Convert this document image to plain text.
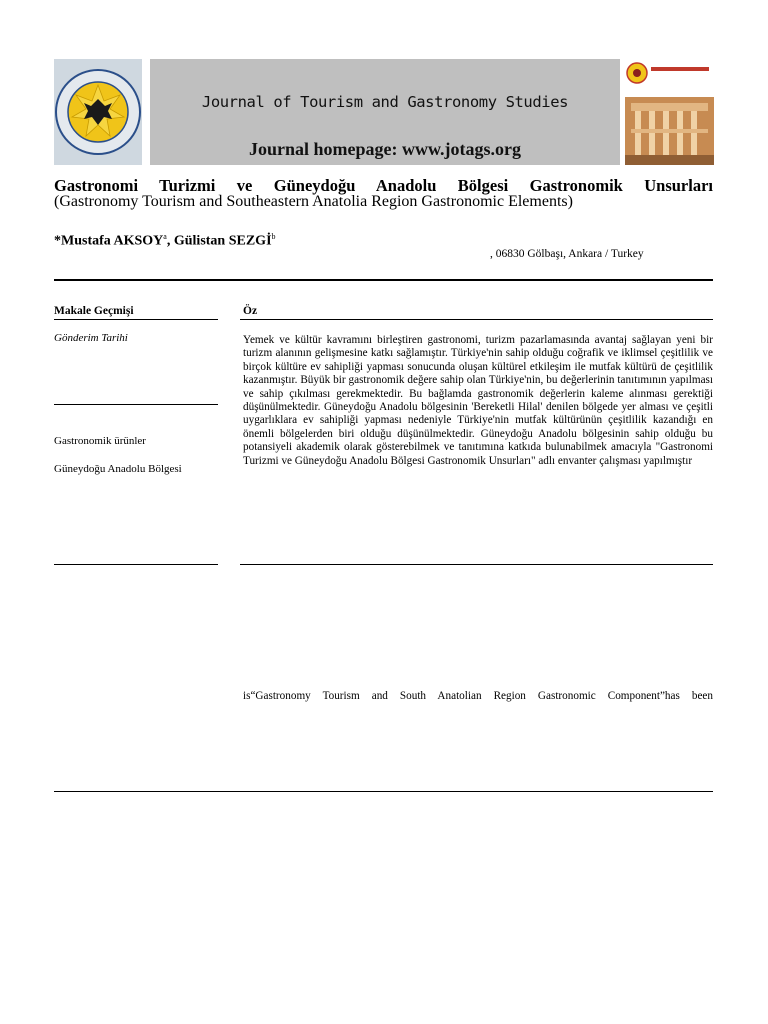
Journal of Tourism and Gastronomy Studies
Journal homepage: www.jotags.org
Gastronomi Turizmi ve Güneydoğu Anadolu Bölgesi Gastronomik Unsurları
(Gastronomy Tourism and Southeastern Anatolia Region Gastronomic Elements)
*Mustafa AKSOY$^a$, Gülistan SEZGİ$^b$
, 06830 Gölbaşı, Ankara / Turkey
Makale Geçmişi
Gönderim Tarihi
Gastronomik ürünler
Güneydoğu Anadolu Bölgesi
Öz
Yemek ve kültür kavramını birleştiren gastronomi, turizm pazarlamasında avantaj sağlayan yeni bir turizm alanının gelişmesine katkı sağlamıştır. Türkiye'nin sahip olduğu coğrafik ve iklimsel çeşitlilik ve birçok kültüre ev sahipliği yapması sonucunda oluşan kültürel etkileşim ile mutfak kültürü de çeşitlilik kazanmıştır. Büyük bir gastronomik değere sahip olan Türkiye'nin, bu değerlerinin tanıtımının yapılması ve sahip çıkılması gerekmektedir. Bu bağlamda gastronomik değerlerin kaleme alınması gerektiği düşünülmektedir. Güneydoğu Anadolu bölgesinin 'Bereketli Hilal' denilen bölgede yer alması ve çeşitli uygarlıklara ev sahipliği yapması nedeniyle Türkiye'nin mutfak kültürünün çeşitlilik kazandığı en önemli bölgelerden biri olduğu düşünülmektedir. Güneydoğu Anadolu bölgesinin sahip olduğu bu potansiyeli akademik olarak gösterebilmek ve tanıtımına katkıda bulunabilmek amacıyla "Gastronomi Turizmi ve Güneydoğu Anadolu Bölgesi Gastronomik Unsurları" adlı envanter çalışması yapılmıştır
is“Gastronomy Tourism and South Anatolian Region Gastronomic Component”has been
